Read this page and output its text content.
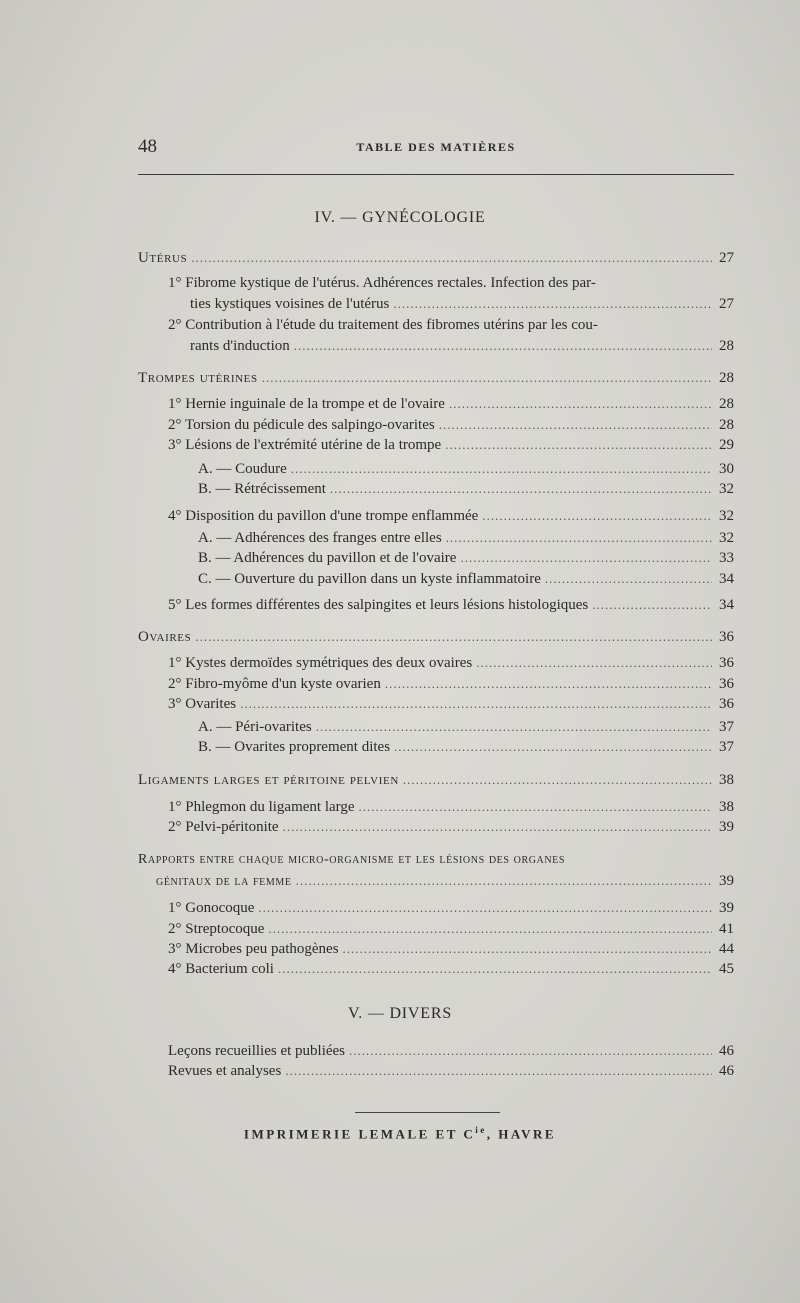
48	TABLE DES MATIÈRES
IV. — GYNÉCOLOGIE
Utérus .....	27
1° Fibrome kystique de l'utérus. Adhérences rectales. Infection des par-
ties kystiques voisines de l'utérus .....	27
2° Contribution à l'étude du traitement des fibromes utérins par les cou-
rants d'induction .....	28
Trompes utérines .....	28
1° Hernie inguinale de la trompe et de l'ovaire .....	28
2° Torsion du pédicule des salpingo-ovarites .....	28
3° Lésions de l'extrémité utérine de la trompe .....	29
A. — Coudure .....	30
B. — Rétrécissement .....	32
4° Disposition du pavillon d'une trompe enflammée .....	32
A. — Adhérences des franges entre elles .....	32
B. — Adhérences du pavillon et de l'ovaire .....	33
C. — Ouverture du pavillon dans un kyste inflammatoire .....	34
5° Les formes différentes des salpingites et leurs lésions histologiques .....	34
Ovaires .....	36
1° Kystes dermoïdes symétriques des deux ovaires .....	36
2° Fibro-myôme d'un kyste ovarien .....	36
3° Ovarites .....	36
A. — Péri-ovarites .....	37
B. — Ovarites proprement dites .....	37
Ligaments larges et péritoine pelvien .....	38
1° Phlegmon du ligament large .....	38
2° Pelvi-péritonite .....	39
Rapports entre chaque micro-organisme et les lésions des organes
génitaux de la femme .....	39
1° Gonocoque .....	39
2° Streptocoque .....	41
3° Microbes peu pathogènes .....	44
4° Bacterium coli .....	45
V. — DIVERS
Leçons recueillies et publiées .....	46
Revues et analyses .....	46
IMPRIMERIE LEMALE ET $C^{ie}$, HAVRE
